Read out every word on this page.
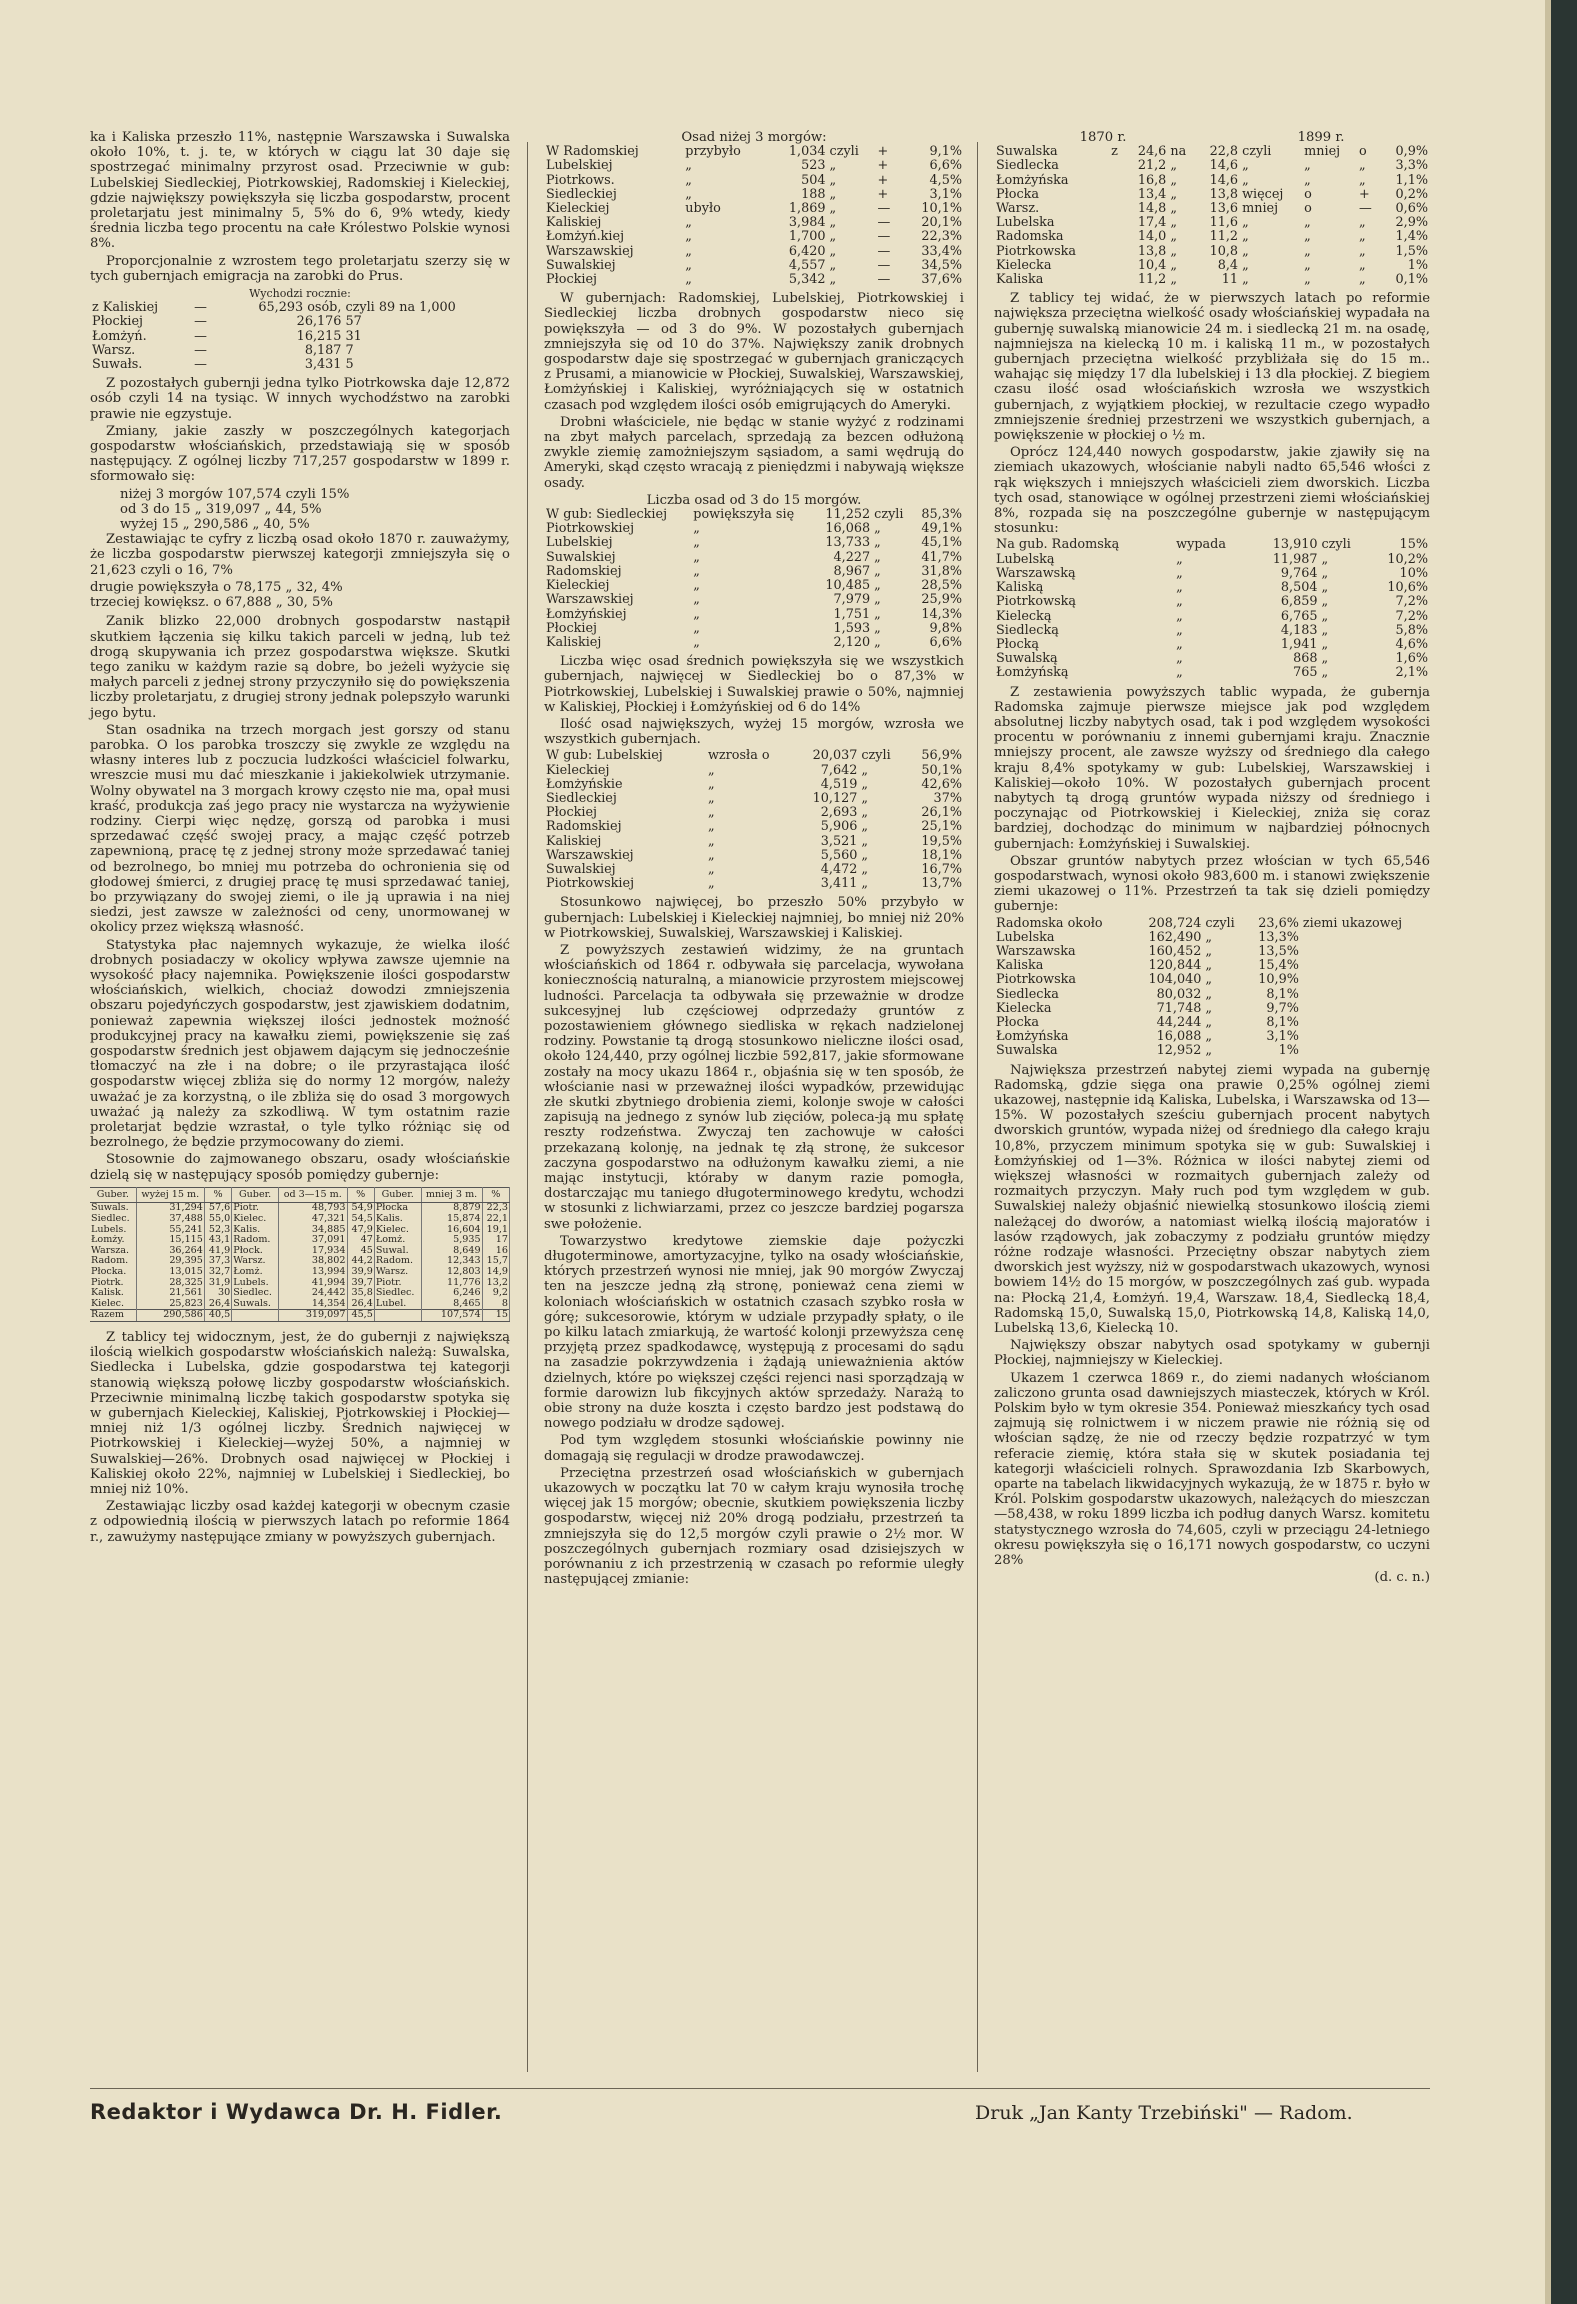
ka i Kaliska przeszło 11%, następnie Warszawska i Suwalska około 10%, t. j. te, w których w ciągu lat 30 daje się spostrzegać minimalny przyrost osad. Przeciwnie w gub: Lubelskiej Siedleckiej, Piotrkowskiej, Radomskiej i Kieleckiej, gdzie największy powiększyła się liczba gospodarstw, procent proletarjatu jest minimalny 5, 5% do 6, 9% wtedy, kiedy średnia liczba tego procentu na całe Królestwo Polskie wynosi 8%.

Proporcjonalnie z wzrostem tego proletarjatu szerzy się w tych gubernjach emigracja na zarobki do Prus.

Wychodzi rocznie:
z Kaliskiej	—	65,293 osób,	czyli 89 na 1,000
Płockiej	—	26,176	57
Łomżyń.	—	16,215	31
Warsz.	—	8,187	7
Suwałs.	—	3,431	5

Z pozostałych gubernji jedna tylko Piotrkowska daje 12,872 osób czyli 14 na tysiąc. W innych wychodźstwo na zarobki prawie nie egzystuje.

Zmiany, jakie zaszły w poszczególnych kategorjach gospodarstw włościańskich, przedstawiają się w sposób następujący. Z ogólnej liczby 717,257 gospodarstw w 1899 r. sformowało się:

niżej 3 morgów 107,574 czyli 15%
od 3 do 15 „ 319,097 „ 44, 5%
wyżej 15 „ 290,586 „ 40, 5%

Zestawiając te cyfry z liczbą osad około 1870 r. zauważymy, że liczba gospodarstw pierwszej kategorji zmniejszyła się o 21,623 czyli o 16, 7%

drugie powiększyła o 78,175 „ 32, 4%
trzeciej kowiększ. o 67,888 „ 30, 5%

Zanik blizko 22,000 drobnych gospodarstw nastąpił skutkiem łączenia się kilku takich parceli w jedną, lub też drogą skupywania ich przez gospodarstwa większe. Skutki tego zaniku w każdym razie są dobre, bo jeżeli wyżycie się małych parceli z jednej strony przyczyniło się do powiększenia liczby proletarjatu, z drugiej strony jednak polepszyło warunki jego bytu.

Stan osadnika na trzech morgach jest gorszy od stanu parobka. O los parobka troszczy się zwykle ze względu na własny interes lub z poczucia ludzkości właściciel folwarku, wreszcie musi mu dać mieszkanie i jakiekolwiek utrzymanie. Wolny obywatel na 3 morgach krowy często nie ma, opał musi kraść, produkcja zaś jego pracy nie wystarcza na wyżywienie rodziny. Cierpi więc nędzę, gorszą od parobka i musi sprzedawać część swojej pracy, a mając część potrzeb zapewnioną, pracę tę z jednej strony może sprzedawać taniej od bezrolnego, bo mniej mu potrzeba do ochronienia się od głodowej śmierci, z drugiej pracę tę musi sprzedawać taniej, bo przywiązany do swojej ziemi, o ile ją uprawia i na niej siedzi, jest zawsze w zależności od ceny, unormowanej w okolicy przez większą własność.

Statystyka płac najemnych wykazuje, że wielka ilość drobnych posiadaczy w okolicy wpływa zawsze ujemnie na wysokość płacy najemnika. Powiększenie ilości gospodarstw włościańskich, wielkich, chociaż dowodzi zmniejszenia obszaru pojedyńczych gospodarstw, jest zjawiskiem dodatnim, ponieważ zapewnia większej ilości jednostek możność produkcyjnej pracy na kawałku ziemi, powiększenie się zaś gospodarstw średnich jest objawem dającym się jednocześnie tłomaczyć na złe i na dobre; o ile przyrastająca ilość gospodarstw więcej zbliża się do normy 12 morgów, należy uważać je za korzystną, o ile zbliża się do osad 3 morgowych uważać ją należy za szkodliwą. W tym ostatnim razie proletarjat będzie wzrastał, o tyle tylko różniąc się od bezrolnego, że będzie przymocowany do ziemi.

Stosownie do zajmowanego obszaru, osady włościańskie dzielą się w następujący sposób pomiędzy gubernje:

Guber.	wyżej 15 m.	%	Guber.	od 3—15 m.	%	Guber.	mniej 3 m.	%
Suwals.	31,294	57,6	Piotr.	48,793	54,9	Płocka	8,879	22,3
Siedlec.	37,488	55,0	Kielec.	47,321	54,5	Kalis.	15,874	22,1
Lubels.	55,241	52,3	Kalis.	34,885	47,9	Kielec.	16,604	19,1
Łomży.	15,115	43,1	Radom.	37,091	47	Łomż.	5,935	17
Warsza.	36,264	41,9	Płock.	17,934	45	Suwal.	8,649	16
Radom.	29,395	37,3	Warsz.	38,802	44,2	Radom.	12,343	15,7
Płocka.	13,015	32,7	Łomż.	13,994	39,9	Warsz.	12,803	14,9
Piotrk.	28,325	31,9	Lubels.	41,994	39,7	Piotr.	11,776	13,2
Kalisk.	21,561	30	Siedlec.	24,442	35,8	Siedlec.	6,246	9,2
Kielec.	25,823	26,4	Suwals.	14,354	26,4	Lubel.	8,465	8
Razem	290,586	40,5		319,097	45,5		107,574	15

Z tablicy tej widocznym, jest, że do gubernji z największą ilością wielkich gospodarstw włościańskich należą: Suwalska, Siedlecka i Lubelska, gdzie gospodarstwa tej kategorji stanowią większą połowę liczby gospodarstw włościańskich. Przeciwnie minimalną liczbę takich gospodarstw spotyka się w gubernjach Kieleckiej, Kaliskiej, Pjotrkowskiej i Płockiej—mniej niż 1/3 ogólnej liczby. Średnich najwięcej w Piotrkowskiej i Kieleckiej—wyżej 50%, a najmniej w Suwalskiej—26%. Drobnych osad najwięcej w Płockiej i Kaliskiej około 22%, najmniej w Lubelskiej i Siedleckiej, bo mniej niż 10%.

Zestawiając liczby osad każdej kategorji w obecnym czasie z odpowiednią ilością w pierwszych latach po reformie 1864 r., zawużymy następujące zmiany w powyższych gubernjach.

Osad niżej 3 morgów:
W Radomskiej	przybyło	1,034	czyli	+	9,1%
Lubelskiej	„	523	„	+	6,6%
Piotrkows.	„	504	„	+	4,5%
Siedleckiej	„	188	„	+	3,1%
Kieleckiej	ubyło	1,869	„	—	10,1%
Kaliskiej	„	3,984	„	—	20,1%
Łomżyń.kiej	„	1,700	„	—	22,3%
Warszawskiej	„	6,420	„	—	33,4%
Suwalskiej	„	4,557	„	—	34,5%
Płockiej	„	5,342	„	—	37,6%

W gubernjach: Radomskiej, Lubelskiej, Piotrkowskiej i Siedleckiej liczba drobnych gospodarstw nieco się powiększyła — od 3 do 9%. W pozostałych gubernjach zmniejszyła się od 10 do 37%. Największy zanik drobnych gospodarstw daje się spostrzegać w gubernjach graniczących z Prusami, a mianowicie w Płockiej, Suwalskiej, Warszawskiej, Łomżyńskiej i Kaliskiej, wyróżniających się w ostatnich czasach pod względem ilości osób emigrujących do Ameryki.

Drobni właściciele, nie będąc w stanie wyżyć z rodzinami na zbyt małych parcelach, sprzedają za bezcen odłużoną zwykle ziemię zamożniejszym sąsiadom, a sami wędrują do Ameryki, skąd często wracają z pieniędzmi i nabywają większe osady.

Liczba osad od 3 do 15 morgów.
W gub: Siedleckiej	powiększyła się	11,252	czyli	85,3%
Piotrkowskiej	„	16,068	„	49,1%
Lubelskiej	„	13,733	„	45,1%
Suwalskiej	„	4,227	„	41,7%
Radomskiej	„	8,967	„	31,8%
Kieleckiej	„	10,485	„	28,5%
Warszawskiej	„	7,979	„	25,9%
Łomżyńskiej	„	1,751	„	14,3%
Płockiej	„	1,593	„	9,8%
Kaliskiej	„	2,120	„	6,6%

Liczba więc osad średnich powiększyła się we wszystkich gubernjach, najwięcej w Siedleckiej bo o 87,3% w Piotrkowskiej, Lubelskiej i Suwalskiej prawie o 50%, najmniej w Kaliskiej, Płockiej i Łomżyńskiej od 6 do 14%

Ilość osad największych, wyżej 15 morgów, wzrosła we wszystkich gubernjach.

W gub: Lubelskiej	wzrosła o	20,037	czyli	56,9%
Kieleckiej	„	7,642	„	50,1%
Łomżyńskie	„	4,519	„	42,6%
Siedleckiej	„	10,127	„	37%
Płockiej	„	2,693	„	26,1%
Radomskiej	„	5,906	„	25,1%
Kaliskiej	„	3,521	„	19,5%
Warszawskiej	„	5,560	„	18,1%
Suwalskiej	„	4,472	„	16,7%
Piotrkowskiej	„	3,411	„	13,7%

Stosunkowo najwięcej, bo przeszło 50% przybyło w gubernjach: Lubelskiej i Kieleckiej najmniej, bo mniej niż 20% w Piotrkowskiej, Suwalskiej, Warszawskiej i Kaliskiej.

Z powyższych zestawień widzimy, że na gruntach włościańskich od 1864 r. odbywała się parcelacja, wywołana koniecznością naturalną, a mianowicie przyrostem miejscowej ludności. Parcelacja ta odbywała się przeważnie w drodze sukcesyjnej lub częściowej odprzedaży gruntów z pozostawieniem głównego siedliska w rękach nadzielonej rodziny. Powstanie tą drogą stosunkowo nieliczne ilości osad, około 124,440, przy ogólnej liczbie 592,817, jakie sformowane zostały na mocy ukazu 1864 r., objaśnia się w ten sposób, że włościanie nasi w przeważnej ilości wypadków, przewidując złe skutki zbytniego drobienia ziemi, kolonje swoje w całości zapisują na jednego z synów lub zięciów, poleca-ją mu spłatę reszty rodzeństwa. Zwyczaj ten zachowuje w całości przekazaną kolonję, na jednak tę złą stronę, że sukcesor zaczyna gospodarstwo na odłużonym kawałku ziemi, a nie mając instytucji, któraby w danym razie pomogła, dostarczając mu taniego długoterminowego kredytu, wchodzi w stosunki z lichwiarzami, przez co jeszcze bardziej pogarsza swe położenie.

Towarzystwo kredytowe ziemskie daje pożyczki długoterminowe, amortyzacyjne, tylko na osady włościańskie, których przestrzeń wynosi nie mniej, jak 90 morgów Zwyczaj ten na jeszcze jedną złą stronę, ponieważ cena ziemi w koloniach włościańskich w ostatnich czasach szybko rosła w górę; sukcesorowie, którym w udziale przypadły spłaty, o ile po kilku latach zmiarkują, że wartość kolonji przewyższa cenę przyjętą przez spadkodawcę, występują z procesami do sądu na zasadzie pokrzywdzenia i żądają unieważnienia aktów dzielnych, które po większej części rejenci nasi sporządzają w formie darowizn lub fikcyjnych aktów sprzedaży. Narażą to obie strony na duże koszta i często bardzo jest podstawą do nowego podziału w drodze sądowej.

Pod tym względem stosunki włościańskie powinny nie domagają się regulacji w drodze prawodawczej.

Przeciętna przestrzeń osad włościańskich w gubernjach ukazowych w początku lat 70 w całym kraju wynosiła trochę więcej jak 15 morgów; obecnie, skutkiem powiększenia liczby gospodarstw, więcej niż 20% drogą podziału, przestrzeń ta zmniejszyła się do 12,5 morgów czyli prawie o 2½ mor. W poszczególnych gubernjach rozmiary osad dzisiejszych w porównaniu z ich przestrzenią w czasach po reformie uległy następującej zmianie:

1870 r.	1899 r.
Suwalska	z	24,6	na	22,8	czyli	mniej	o	0,9%
Siedlecka		21,2	„	14,6	„	„	„	3,3%
Łomżyńska		16,8	„	14,6	„	„	„	1,1%
Płocka		13,4	„	13,8	więcej	o	+	0,2%
Warsz.		14,8	„	13,6	mniej	o	—	0,6%
Lubelska		17,4	„	11,6	„	„	„	2,9%
Radomska		14,0	„	11,2	„	„	„	1,4%
Piotrkowska		13,8	„	10,8	„	„	„	1,5%
Kielecka		10,4	„	8,4	„	„	„	1%
Kaliska		11,2	„	11	„	„	„	0,1%

Z tablicy tej widać, że w pierwszych latach po reformie największa przeciętna wielkość osady włościańskiej wypadała na gubernję suwalską mianowicie 24 m. i siedlecką 21 m. na osadę, najmniejsza na kielecką 10 m. i kaliską 11 m., w pozostałych gubernjach przeciętna wielkość przybliżała się do 15 m.. wahając się między 17 dla lubelskiej i 13 dla płockiej. Z biegiem czasu ilość osad włościańskich wzrosła we wszystkich gubernjach, z wyjątkiem płockiej, w rezultacie czego wypadło zmniejszenie średniej przestrzeni we wszystkich gubernjach, a powiększenie w płockiej o ½ m.

Oprócz 124,440 nowych gospodarstw, jakie zjawiły się na ziemiach ukazowych, włościanie nabyli nadto 65,546 włości z rąk większych i mniejszych właścicieli ziem dworskich. Liczba tych osad, stanowiące w ogólnej przestrzeni ziemi włościańskiej 8%, rozpada się na poszczególne gubernje w następującym stosunku:

Na gub. Radomską	wypada	13,910	czyli	15%
Lubelską	„	11,987	„	10,2%
Warszawską	„	9,764	„	10%
Kaliską	„	8,504	„	10,6%
Piotrkowską	„	6,859	„	7,2%
Kielecką	„	6,765	„	7,2%
Siedlecką	„	4,183	„	5,8%
Płocką	„	1,941	„	4,6%
Suwalską	„	868	„	1,6%
Łomżyńską	„	765	„	2,1%

Z zestawienia powyższych tablic wypada, że gubernja Radomska zajmuje pierwsze miejsce jak pod względem absolutnej liczby nabytych osad, tak i pod względem wysokości procentu w porównaniu z innemi gubernjami kraju. Znacznie mniejszy procent, ale zawsze wyższy od średniego dla całego kraju 8,4% spotykamy w gub: Lubelskiej, Warszawskiej i Kaliskiej—około 10%. W pozostałych gubernjach procent nabytych tą drogą gruntów wypada niższy od średniego i poczynając od Piotrkowskiej i Kieleckiej, zniża się coraz bardziej, dochodząc do minimum w najbardziej północnych gubernjach: Łomżyńskiej i Suwalskiej.

Obszar gruntów nabytych przez włościan w tych 65,546 gospodarstwach, wynosi około 983,600 m. i stanowi zwiększenie ziemi ukazowej o 11%. Przestrzeń ta tak się dzieli pomiędzy gubernje:

Radomska około	208,724	czyli	23,6%	ziemi ukazowej
Lubelska	162,490	„	13,3%	
Warszawska	160,452	„	13,5%	
Kaliska	120,844	„	15,4%	
Piotrkowska	104,040	„	10,9%	
Siedlecka	80,032	„	8,1%	
Kielecka	71,748	„	9,7%	
Płocka	44,244	„	8,1%	
Łomżyńska	16,088	„	3,1%	
Suwalska	12,952	„	1%	

Największa przestrzeń nabytej ziemi wypada na gubernję Radomską, gdzie sięga ona prawie 0,25% ogólnej ziemi ukazowej, następnie idą Kaliska, Lubelska, i Warszawska od 13—15%. W pozostałych sześciu gubernjach procent nabytych dworskich gruntów, wypada niżej od średniego dla całego kraju 10,8%, przyczem minimum spotyka się w gub: Suwalskiej i Łomżyńskiej od 1—3%. Różnica w ilości nabytej ziemi od większej własności w rozmaitych gubernjach zależy od rozmaitych przyczyn. Mały ruch pod tym względem w gub. Suwalskiej należy objaśnić niewielką stosunkowo ilością ziemi należącej do dworów, a natomiast wielką ilością majoratów i lasów rządowych, jak zobaczymy z podziału gruntów między różne rodzaje własności. Przeciętny obszar nabytych ziem dworskich jest wyższy, niż w gospodarstwach ukazowych, wynosi bowiem 14½ do 15 morgów, w poszczególnych zaś gub. wypada na: Płocką 21,4, Łomżyń. 19,4, Warszaw. 18,4, Siedlecką 18,4, Radomską 15,0, Suwalską 15,0, Piotrkowską 14,8, Kaliską 14,0, Lubelską 13,6, Kielecką 10.

Największy obszar nabytych osad spotykamy w gubernji Płockiej, najmniejszy w Kieleckiej.

Ukazem 1 czerwca 1869 r., do ziemi nadanych włościanom zaliczono grunta osad dawniejszych miasteczek, których w Król. Polskim było w tym okresie 354. Ponieważ mieszkańcy tych osad zajmują się rolnictwem i w niczem prawie nie różnią się od włościan sądzę, że nie od rzeczy będzie rozpatrzyć w tym referacie ziemię, która stała się w skutek posiadania tej kategorji właścicieli rolnych. Sprawozdania Izb Skarbowych, oparte na tabelach likwidacyjnych wykazują, że w 1875 r. było w Król. Polskim gospodarstw ukazowych, należących do mieszczan—58,438, w roku 1899 liczba ich podług danych Warsz. komitetu statystycznego wzrosła do 74,605, czyli w przeciągu 24-letniego okresu powiększyła się o 16,171 nowych gospodarstw, co uczyni 28%

(d. c. n.)
Redaktor i Wydawca Dr. H. Fidler.	Druk „Jan Kanty Trzebiński" — Radom.
